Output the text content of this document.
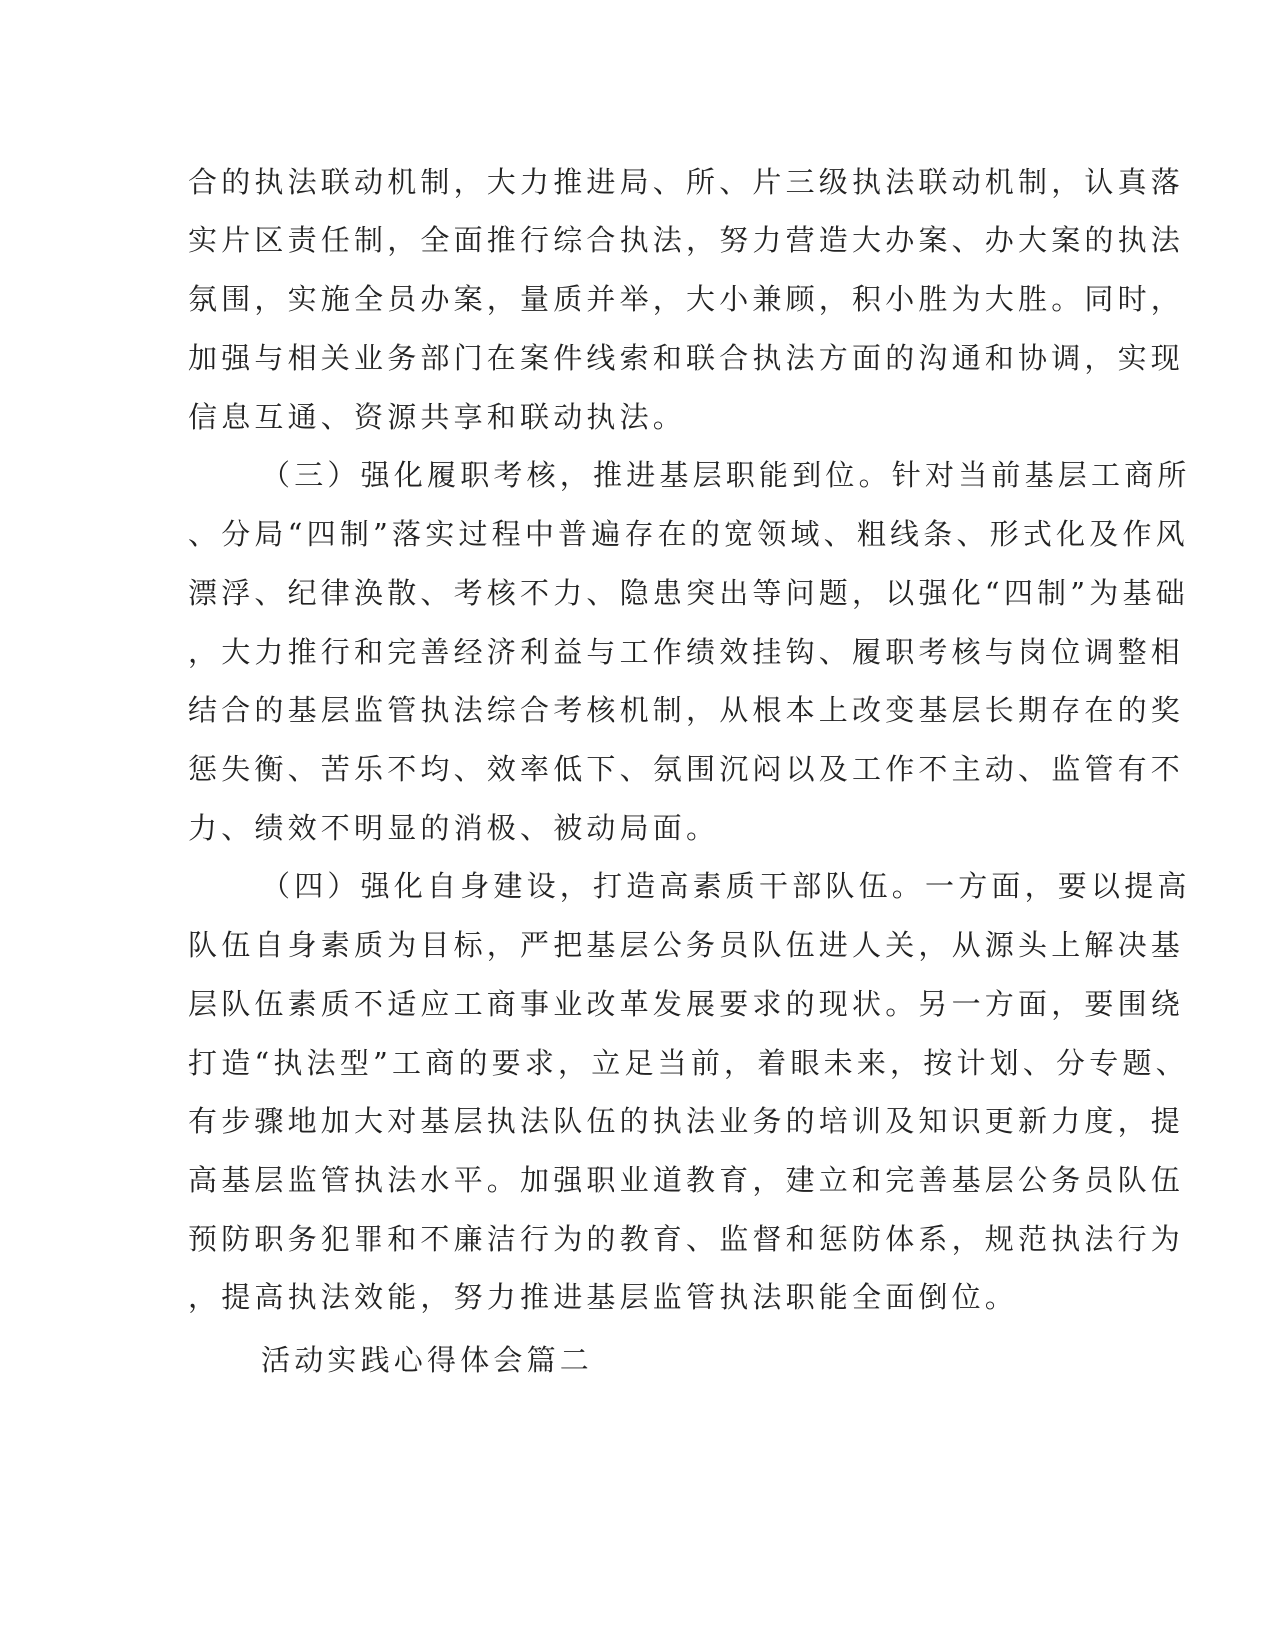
合的执法联动机制，大力推进局、所、片三级执法联动机制，认真落
实片区责任制，全面推行综合执法，努力营造大办案、办大案的执法
氛围，实施全员办案，量质并举，大小兼顾，积小胜为大胜。同时，
加强与相关业务部门在案件线索和联合执法方面的沟通和协调，实现
信息互通、资源共享和联动执法。
（三）强化履职考核，推进基层职能到位。针对当前基层工商所
、分局“四制”落实过程中普遍存在的宽领域、粗线条、形式化及作风
漂浮、纪律涣散、考核不力、隐患突出等问题，以强化“四制”为基础
，大力推行和完善经济利益与工作绩效挂钩、履职考核与岗位调整相
结合的基层监管执法综合考核机制，从根本上改变基层长期存在的奖
惩失衡、苦乐不均、效率低下、氛围沉闷以及工作不主动、监管有不
力、绩效不明显的消极、被动局面。
（四）强化自身建设，打造高素质干部队伍。一方面，要以提高
队伍自身素质为目标，严把基层公务员队伍进人关，从源头上解决基
层队伍素质不适应工商事业改革发展要求的现状。另一方面，要围绕
打造“执法型”工商的要求，立足当前，着眼未来，按计划、分专题、
有步骤地加大对基层执法队伍的执法业务的培训及知识更新力度，提
高基层监管执法水平。加强职业道教育，建立和完善基层公务员队伍
预防职务犯罪和不廉洁行为的教育、监督和惩防体系，规范执法行为
，提高执法效能，努力推进基层监管执法职能全面倒位。
活动实践心得体会篇二
